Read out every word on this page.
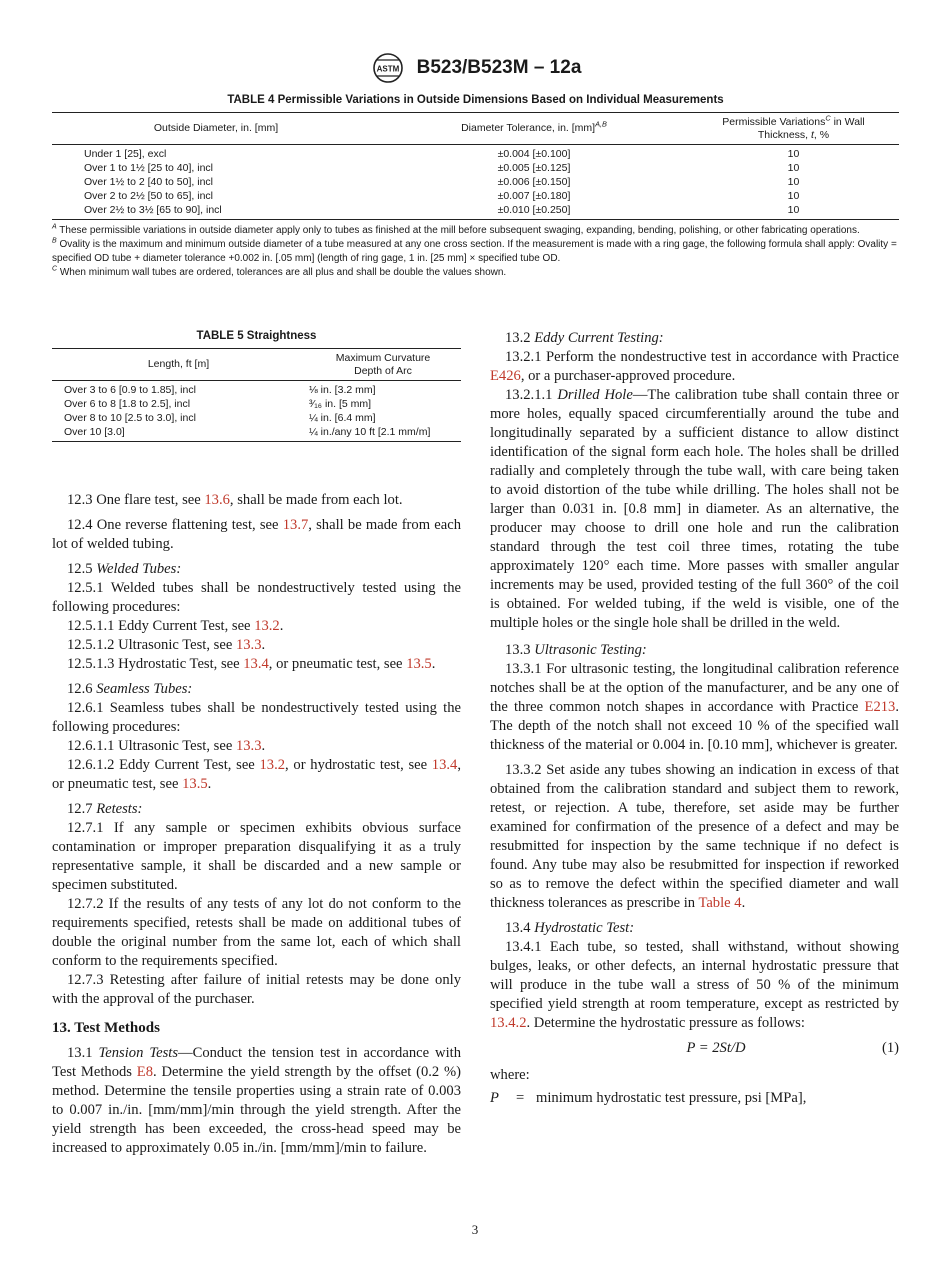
ASTM B523/B523M – 12a
TABLE 4 Permissible Variations in Outside Dimensions Based on Individual Measurements
Outside Diameter, in. [mm]	Diameter Tolerance, in. [mm]$^{A,B}$	Permissible Variations$^C$ in Wall
Thickness, t, %
Under 1 [25], excl	±0.004 [±0.100]	10
Over 1 to 1½ [25 to 40], incl	±0.005 [±0.125]	10
Over 1½ to 2 [40 to 50], incl	±0.006 [±0.150]	10
Over 2 to 2½ [50 to 65], incl	±0.007 [±0.180]	10
Over 2½ to 3½ [65 to 90], incl	±0.010 [±0.250]	10

$^A$ These permissible variations in outside diameter apply only to tubes as finished at the mill before subsequent swaging, expanding, bending, polishing, or other fabricating operations.

$^B$ Ovality is the maximum and minimum outside diameter of a tube measured at any one cross section. If the measurement is made with a ring gage, the following formula shall apply: Ovality = specified OD tube + diameter tolerance +0.002 in. [.05 mm] (length of ring gage, 1 in. [25 mm] × specified tube OD.

$^C$ When minimum wall tubes are ordered, tolerances are all plus and shall be double the values shown.

TABLE 5 Straightness
Length, ft [m]	Maximum Curvature Depth of Arc
Over 3 to 6 [0.9 to 1.85], incl	⅛ in. [3.2 mm]
Over 6 to 8 [1.8 to 2.5], incl	³⁄₁₆ in. [5 mm]
Over 8 to 10 [2.5 to 3.0], incl	¼ in. [6.4 mm]
Over 10 [3.0]	¼ in./any 10 ft [2.1 mm/m]

12.3 One flare test, see 13.6, shall be made from each lot.

12.4 One reverse flattening test, see 13.7, shall be made from each lot of welded tubing.

12.5 Welded Tubes:

12.5.1 Welded tubes shall be nondestructively tested using the following procedures:

12.5.1.1 Eddy Current Test, see 13.2.

12.5.1.2 Ultrasonic Test, see 13.3.

12.5.1.3 Hydrostatic Test, see 13.4, or pneumatic test, see 13.5.

12.6 Seamless Tubes:

12.6.1 Seamless tubes shall be nondestructively tested using the following procedures:

12.6.1.1 Ultrasonic Test, see 13.3.

12.6.1.2 Eddy Current Test, see 13.2, or hydrostatic test, see 13.4, or pneumatic test, see 13.5.

12.7 Retests:

12.7.1 If any sample or specimen exhibits obvious surface contamination or improper preparation disqualifying it as a truly representative sample, it shall be discarded and a new sample or specimen substituted.

12.7.2 If the results of any tests of any lot do not conform to the requirements specified, retests shall be made on additional tubes of double the original number from the same lot, each of which shall conform to the requirements specified.

12.7.3 Retesting after failure of initial retests may be done only with the approval of the purchaser.

13. Test Methods

13.1 Tension Tests—Conduct the tension test in accordance with Test Methods E8. Determine the yield strength by the offset (0.2 %) method. Determine the tensile properties using a strain rate of 0.003 to 0.007 in./in. [mm/mm]/min through the yield strength. After the yield strength has been exceeded, the cross-head speed may be increased to approximately 0.05 in./in. [mm/mm]/min to failure.

13.2 Eddy Current Testing:

13.2.1 Perform the nondestructive test in accordance with Practice E426, or a purchaser-approved procedure.

13.2.1.1 Drilled Hole—The calibration tube shall contain three or more holes, equally spaced circumferentially around the tube and longitudinally separated by a sufficient distance to allow distinct identification of the signal form each hole. The holes shall be drilled radially and completely through the tube wall, with care being taken to avoid distortion of the tube while drilling. The holes shall not be larger than 0.031 in. [0.8 mm] in diameter. As an alternative, the producer may choose to drill one hole and run the calibration standard through the test coil three times, rotating the tube approximately 120° each time. More passes with smaller angular increments may be used, provided testing of the full 360° of the coil is obtained. For welded tubing, if the weld is visible, one of the multiple holes or the single hole shall be drilled in the weld.

13.3 Ultrasonic Testing:

13.3.1 For ultrasonic testing, the longitudinal calibration reference notches shall be at the option of the manufacturer, and be any one of the three common notch shapes in accordance with Practice E213. The depth of the notch shall not exceed 10 % of the specified wall thickness of the material or 0.004 in. [0.10 mm], whichever is greater.

13.3.2 Set aside any tubes showing an indication in excess of that obtained from the calibration standard and subject them to rework, retest, or rejection. A tube, therefore, set aside may be further examined for confirmation of the presence of a defect and may be resubmitted for inspection by the same technique if no defect is found. Any tube may also be resubmitted for inspection if reworked so as to remove the defect within the specified diameter and wall thickness tolerances as prescribe in Table 4.

13.4 Hydrostatic Test:

13.4.1 Each tube, so tested, shall withstand, without showing bulges, leaks, or other defects, an internal hydrostatic pressure that will produce in the tube wall a stress of 50 % of the minimum specified yield strength at room temperature, except as restricted by 13.4.2. Determine the hydrostatic pressure as follows:

P = 2St/D	(1)

where:

P	= minimum hydrostatic test pressure, psi [MPa],
3
